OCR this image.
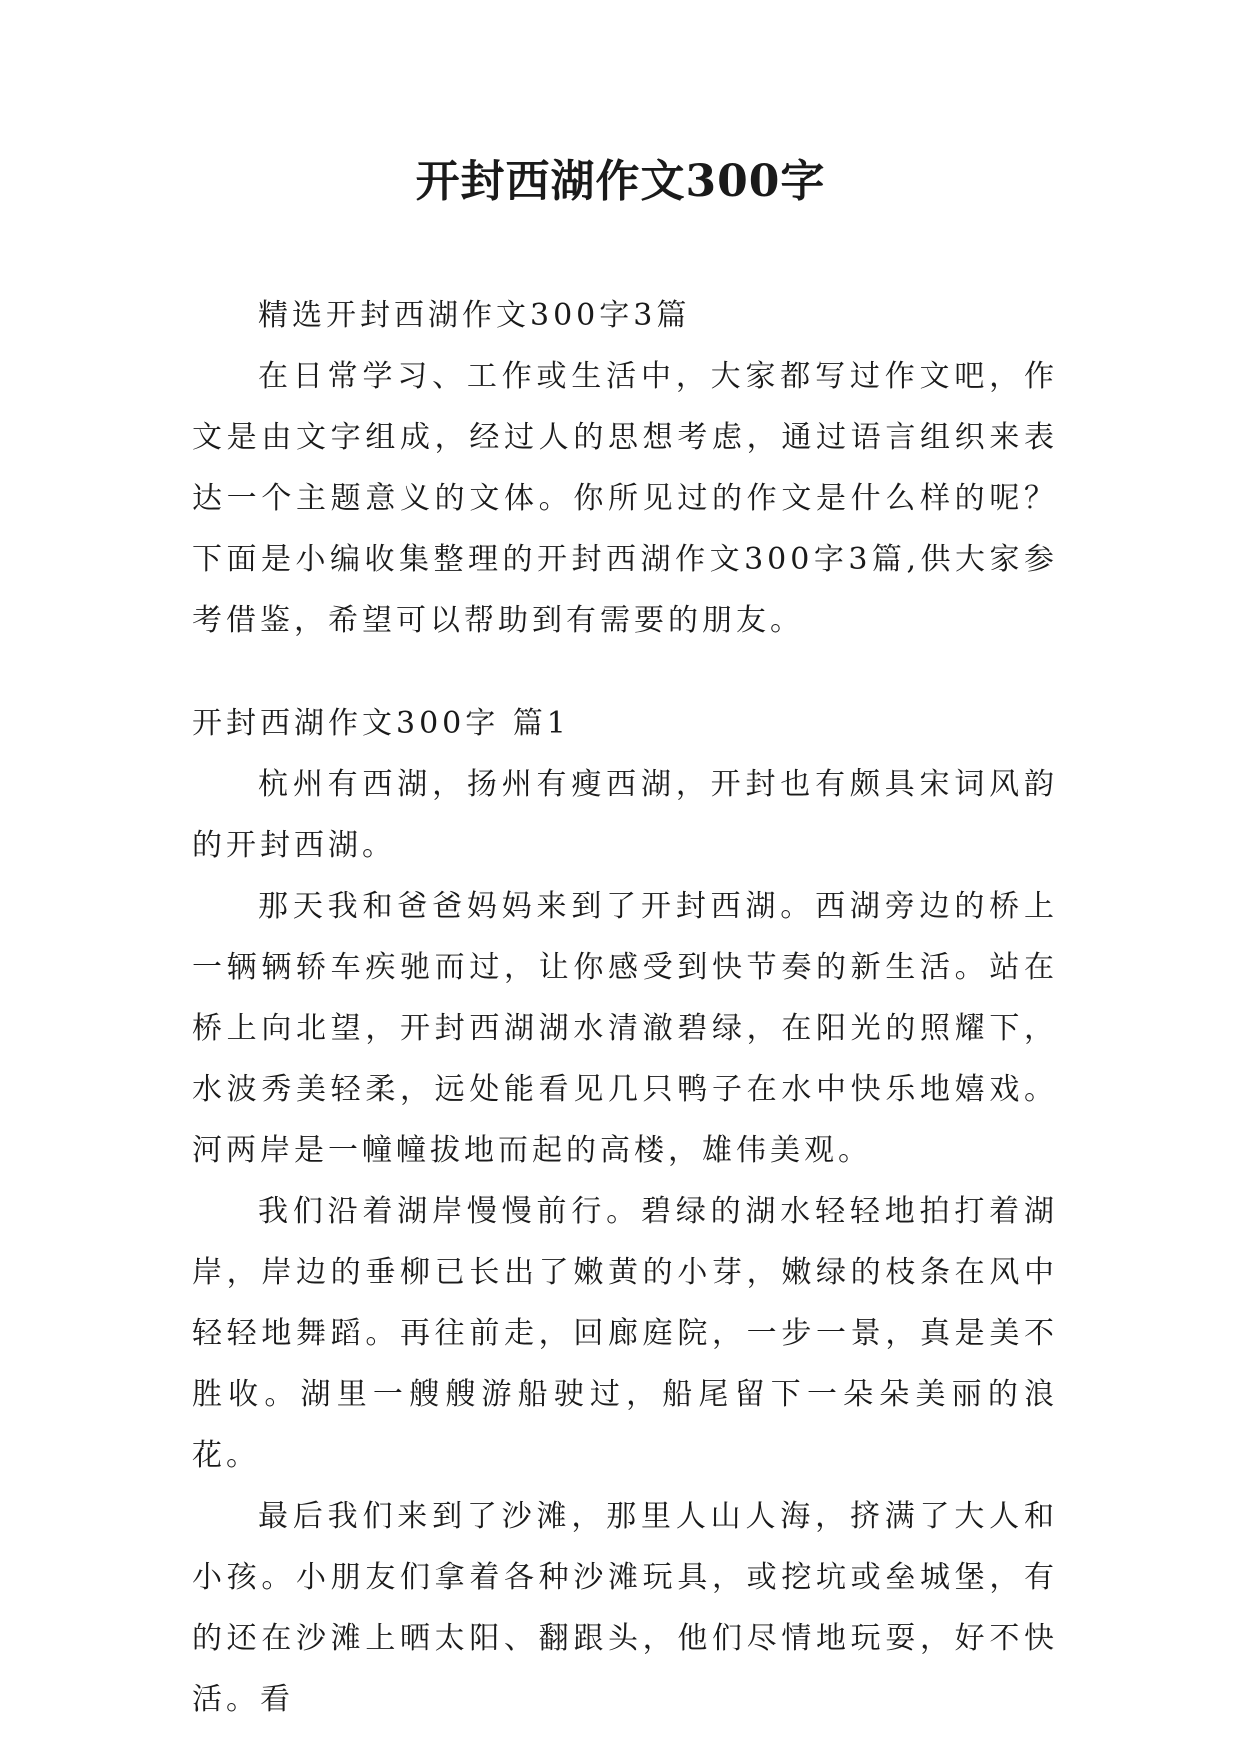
开封西湖作文300字

精选开封西湖作文300字3篇

在日常学习、工作或生活中，大家都写过作文吧，作文是由文字组成，经过人的思想考虑，通过语言组织来表达一个主题意义的文体。你所见过的作文是什么样的呢？下面是小编收集整理的开封西湖作文300字3篇,供大家参考借鉴，希望可以帮助到有需要的朋友。

开封西湖作文300字 篇1

杭州有西湖，扬州有瘦西湖，开封也有颇具宋词风韵的开封西湖。

那天我和爸爸妈妈来到了开封西湖。西湖旁边的桥上一辆辆轿车疾驰而过，让你感受到快节奏的新生活。站在桥上向北望，开封西湖湖水清澈碧绿，在阳光的照耀下，水波秀美轻柔，远处能看见几只鸭子在水中快乐地嬉戏。河两岸是一幢幢拔地而起的高楼，雄伟美观。

我们沿着湖岸慢慢前行。碧绿的湖水轻轻地拍打着湖岸，岸边的垂柳已长出了嫩黄的小芽，嫩绿的枝条在风中轻轻地舞蹈。再往前走，回廊庭院，一步一景，真是美不胜收。湖里一艘艘游船驶过，船尾留下一朵朵美丽的浪花。

最后我们来到了沙滩，那里人山人海，挤满了大人和小孩。小朋友们拿着各种沙滩玩具，或挖坑或垒城堡，有的还在沙滩上晒太阳、翻跟头，他们尽情地玩耍，好不快活。看
